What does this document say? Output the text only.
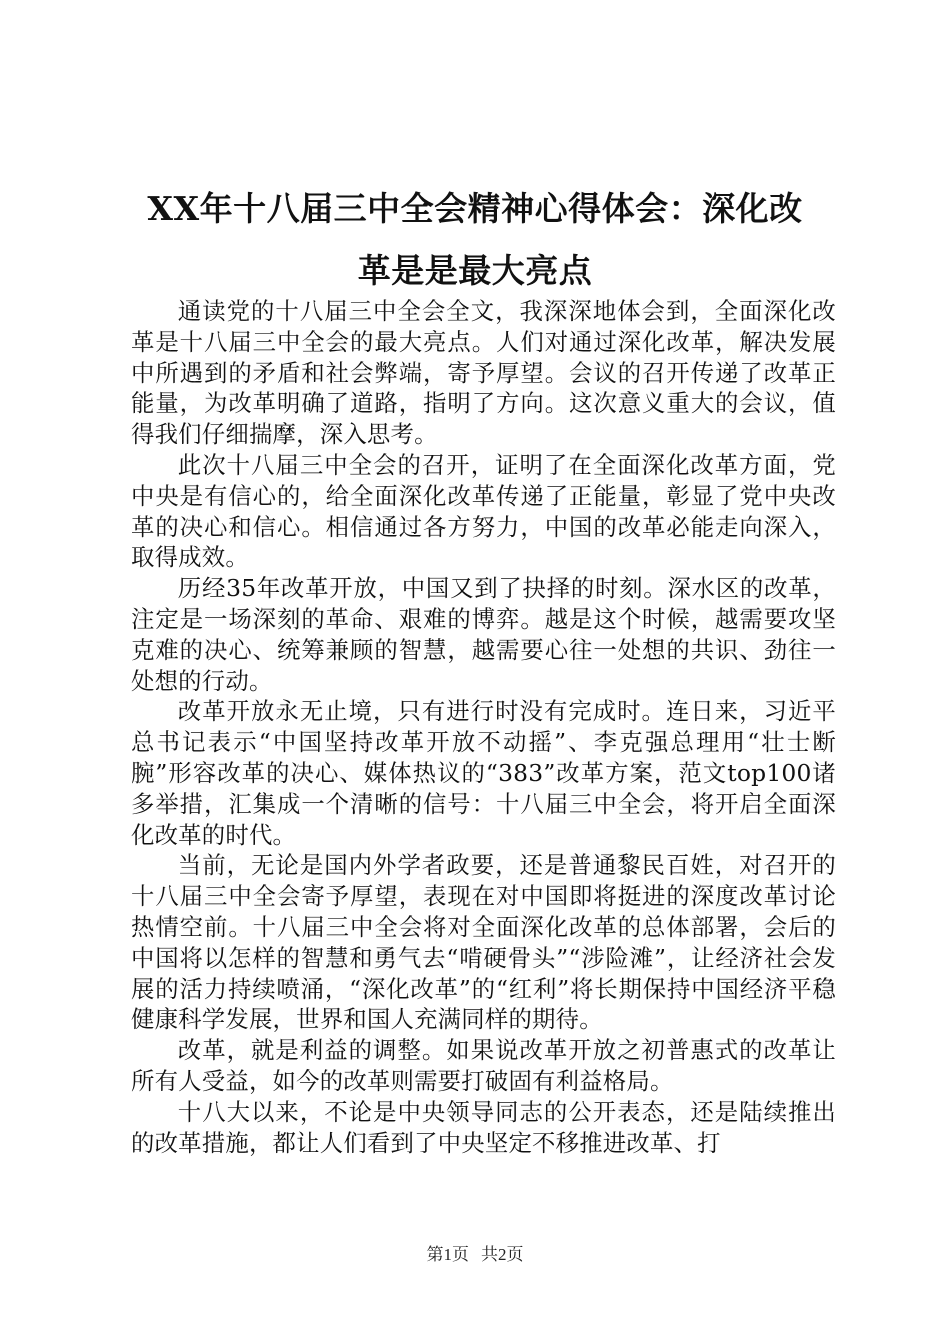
XX年十八届三中全会精神心得体会：深化改
革是是最大亮点

通读党的十八届三中全会全文，我深深地体会到，全面深化改革是十八届三中全会的最大亮点。人们对通过深化改革，解决发展中所遇到的矛盾和社会弊端，寄予厚望。会议的召开传递了改革正能量，为改革明确了道路，指明了方向。这次意义重大的会议，值得我们仔细揣摩，深入思考。

此次十八届三中全会的召开，证明了在全面深化改革方面，党中央是有信心的，给全面深化改革传递了正能量，彰显了党中央改革的决心和信心。相信通过各方努力，中国的改革必能走向深入，取得成效。

历经35年改革开放，中国又到了抉择的时刻。深水区的改革，注定是一场深刻的革命、艰难的博弈。越是这个时候，越需要攻坚克难的决心、统筹兼顾的智慧，越需要心往一处想的共识、劲往一处想的行动。

改革开放永无止境，只有进行时没有完成时。连日来，习近平总书记表示“中国坚持改革开放不动摇”、李克强总理用“壮士断腕”形容改革的决心、媒体热议的“383”改革方案，范文top100诸多举措，汇集成一个清晰的信号：十八届三中全会，将开启全面深化改革的时代。

当前，无论是国内外学者政要，还是普通黎民百姓，对召开的十八届三中全会寄予厚望，表现在对中国即将挺进的深度改革讨论热情空前。十八届三中全会将对全面深化改革的总体部署，会后的中国将以怎样的智慧和勇气去“啃硬骨头”“涉险滩”，让经济社会发展的活力持续喷涌，“深化改革”的“红利”将长期保持中国经济平稳健康科学发展，世界和国人充满同样的期待。

改革，就是利益的调整。如果说改革开放之初普惠式的改革让所有人受益，如今的改革则需要打破固有利益格局。

十八大以来，不论是中央领导同志的公开表态，还是陆续推出的改革措施，都让人们看到了中央坚定不移推进改革、打

第1页 共2页
